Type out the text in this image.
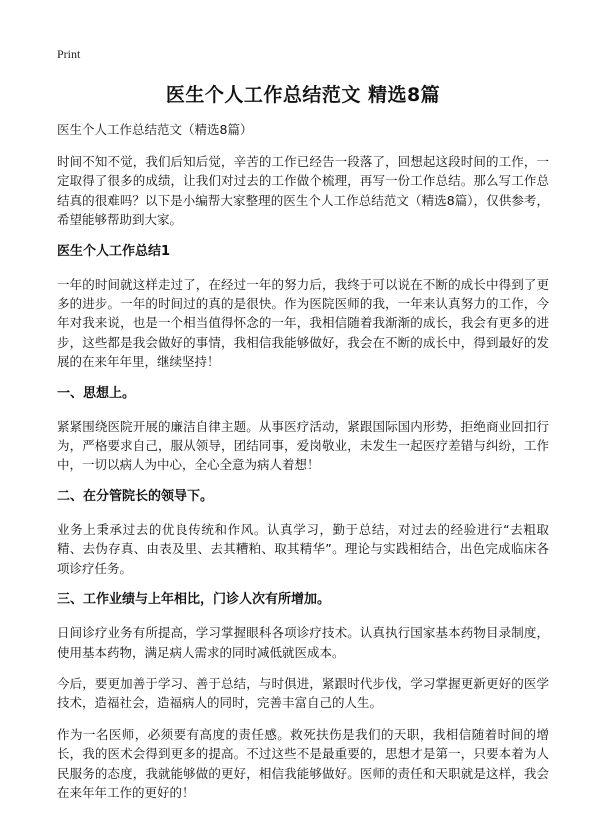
Print
医生个人工作总结范文 精选8篇

医生个人工作总结范文（精选8篇）

时间不知不觉，我们后知后觉，辛苦的工作已经告一段落了，回想起这段时间的工作，一定取得了很多的成绩，让我们对过去的工作做个梳理，再写一份工作总结。那么写工作总结真的很难吗？以下是小编帮大家整理的医生个人工作总结范文（精选8篇），仅供参考，希望能够帮助到大家。

医生个人工作总结1

一年的时间就这样走过了，在经过一年的努力后，我终于可以说在不断的成长中得到了更多的进步。一年的时间过的真的是很快。作为医院医师的我，一年来认真努力的工作，今年对我来说，也是一个相当值得怀念的一年，我相信随着我渐渐的成长，我会有更多的进步，这些都是我会做好的事情，我相信我能够做好，我会在不断的成长中，得到最好的发展的在来年年里，继续坚持！

一、思想上。

紧紧围绕医院开展的廉洁自律主题。从事医疗活动，紧跟国际国内形势，拒绝商业回扣行为，严格要求自己，服从领导，团结同事，爱岗敬业，未发生一起医疗差错与纠纷，工作中，一切以病人为中心，全心全意为病人着想！

二、在分管院长的领导下。

业务上秉承过去的优良传统和作风。认真学习，勤于总结，对过去的经验进行“去粗取精、去伪存真、由表及里、去其糟粕、取其精华”。理论与实践相结合，出色完成临床各项诊疗任务。

三、工作业绩与上年相比，门诊人次有所增加。

日间诊疗业务有所提高，学习掌握眼科各项诊疗技术。认真执行国家基本药物目录制度，使用基本药物，满足病人需求的同时减低就医成本。

今后，要更加善于学习、善于总结，与时俱进，紧跟时代步伐，学习掌握更新更好的医学技术，造福社会，造福病人的同时，完善丰富自己的人生。

作为一名医师，必须要有高度的责任感。救死扶伤是我们的天职，我相信随着时间的增长，我的医术会得到更多的提高。不过这些不是最重要的，思想才是第一，只要本着为人民服务的态度，我就能够做的更好，相信我能够做好。医师的责任和天职就是这样，我会在来年年工作的更好的！
